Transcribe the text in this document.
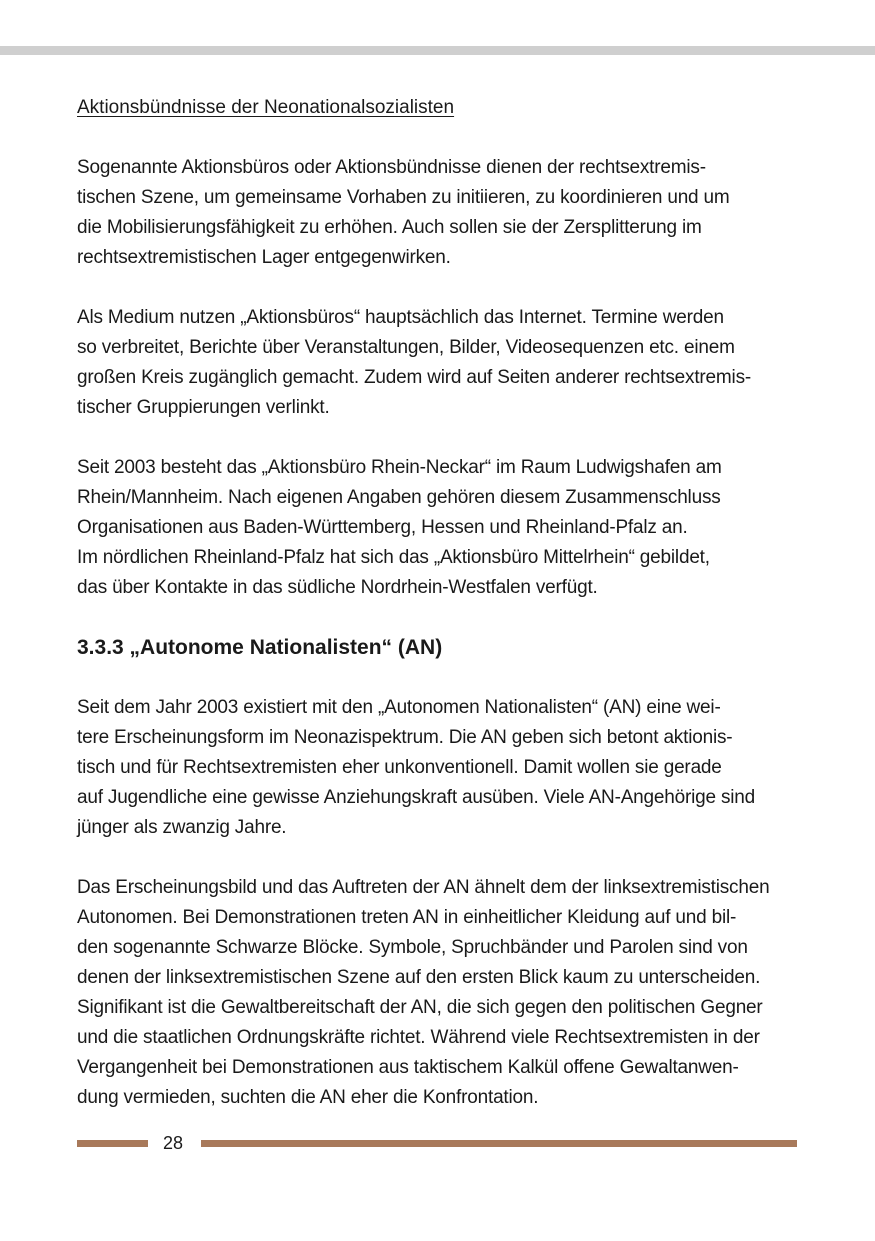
Aktionsbündnisse der Neonationalsozialisten

Sogenannte Aktionsbüros oder Aktionsbündnisse dienen der rechtsextremis-
tischen Szene, um gemeinsame Vorhaben zu initiieren, zu koordinieren und um
die Mobilisierungsfähigkeit zu erhöhen. Auch sollen sie der Zersplitterung im
rechtsextremistischen Lager entgegenwirken.

Als Medium nutzen „Aktionsbüros“ hauptsächlich das Internet. Termine werden
so verbreitet, Berichte über Veranstaltungen, Bilder, Videosequenzen etc. einem
großen Kreis zugänglich gemacht. Zudem wird auf Seiten anderer rechtsextremis-
tischer Gruppierungen verlinkt.

Seit 2003 besteht das „Aktionsbüro Rhein-Neckar“ im Raum Ludwigshafen am
Rhein/Mannheim. Nach eigenen Angaben gehören diesem Zusammenschluss
Organisationen aus Baden-Württemberg, Hessen und Rheinland-Pfalz an.
Im nördlichen Rheinland-Pfalz hat sich das „Aktionsbüro Mittelrhein“ gebildet,
das über Kontakte in das südliche Nordrhein-Westfalen verfügt.

3.3.3 „Autonome Nationalisten“ (AN)

Seit dem Jahr 2003 existiert mit den „Autonomen Nationalisten“ (AN) eine wei-
tere Erscheinungsform im Neonazispektrum. Die AN geben sich betont aktionis-
tisch und für Rechtsextremisten eher unkonventionell. Damit wollen sie gerade
auf Jugendliche eine gewisse Anziehungskraft ausüben. Viele AN-Angehörige sind
jünger als zwanzig Jahre.

Das Erscheinungsbild und das Auftreten der AN ähnelt dem der linksextremistischen
Autonomen. Bei Demonstrationen treten AN in einheitlicher Kleidung auf und bil-
den sogenannte Schwarze Blöcke. Symbole, Spruchbänder und Parolen sind von
denen der linksextremistischen Szene auf den ersten Blick kaum zu unterscheiden.
Signifikant ist die Gewaltbereitschaft der AN, die sich gegen den politischen Gegner
und die staatlichen Ordnungskräfte richtet. Während viele Rechtsextremisten in der
Vergangenheit bei Demonstrationen aus taktischem Kalkül offene Gewaltanwen-
dung vermieden, suchten die AN eher die Konfrontation.

28
